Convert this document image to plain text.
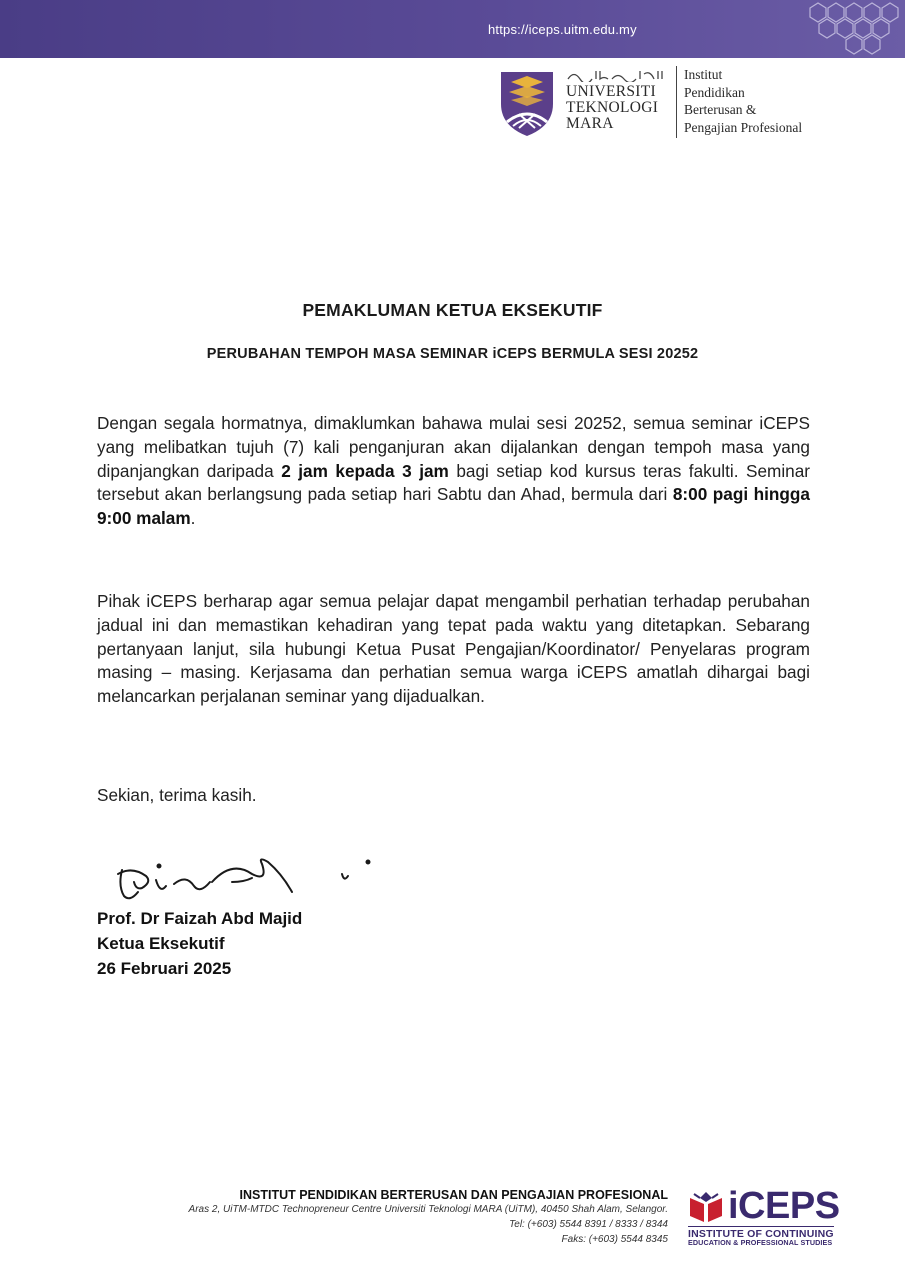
https://iceps.uitm.edu.my
UNIVERSITI
TEKNOLOGI
MARA
Institut
Pendidikan
Berterusan &
Pengajian Profesional
PEMAKLUMAN KETUA EKSEKUTIF
PERUBAHAN TEMPOH MASA SEMINAR iCEPS BERMULA SESI 20252

Dengan segala hormatnya, dimaklumkan bahawa mulai sesi 20252, semua seminar iCEPS yang melibatkan tujuh (7) kali penganjuran akan dijalankan dengan tempoh masa yang dipanjangkan daripada 2 jam kepada 3 jam bagi setiap kod kursus teras fakulti. Seminar tersebut akan berlangsung pada setiap hari Sabtu dan Ahad, bermula dari 8:00 pagi hingga 9:00 malam.

Pihak iCEPS berharap agar semua pelajar dapat mengambil perhatian terhadap perubahan jadual ini dan memastikan kehadiran yang tepat pada waktu yang ditetapkan. Sebarang pertanyaan lanjut, sila hubungi Ketua Pusat Pengajian/Koordinator/ Penyelaras program masing – masing. Kerjasama dan perhatian semua warga iCEPS amatlah dihargai bagi melancarkan perjalanan seminar yang dijadualkan.

Sekian, terima kasih.
Prof. Dr Faizah Abd Majid
Ketua Eksekutif
26 Februari 2025
INSTITUT PENDIDIKAN BERTERUSAN DAN PENGAJIAN PROFESIONAL
Aras 2, UiTM-MTDC Technopreneur Centre Universiti Teknologi MARA (UiTM), 40450 Shah Alam, Selangor.
Tel: (+603) 5544 8391 / 8333 / 8344
Faks: (+603) 5544 8345
iCEPS
INSTITUTE OF CONTINUING
EDUCATION & PROFESSIONAL STUDIES
